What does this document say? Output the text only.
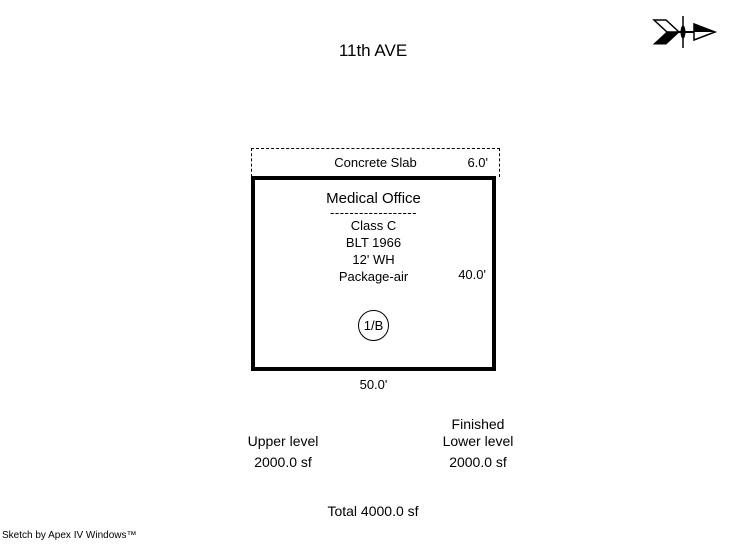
11th AVE
Concrete Slab	6.0'
Medical Office
------------------
Class C
BLT 1966
12' WH
Package-air	40.0'
1/B
50.0'
Upper level
2000.0 sf
Finished
Lower level
2000.0 sf
Total 4000.0 sf
Sketch by Apex IV Windows™
